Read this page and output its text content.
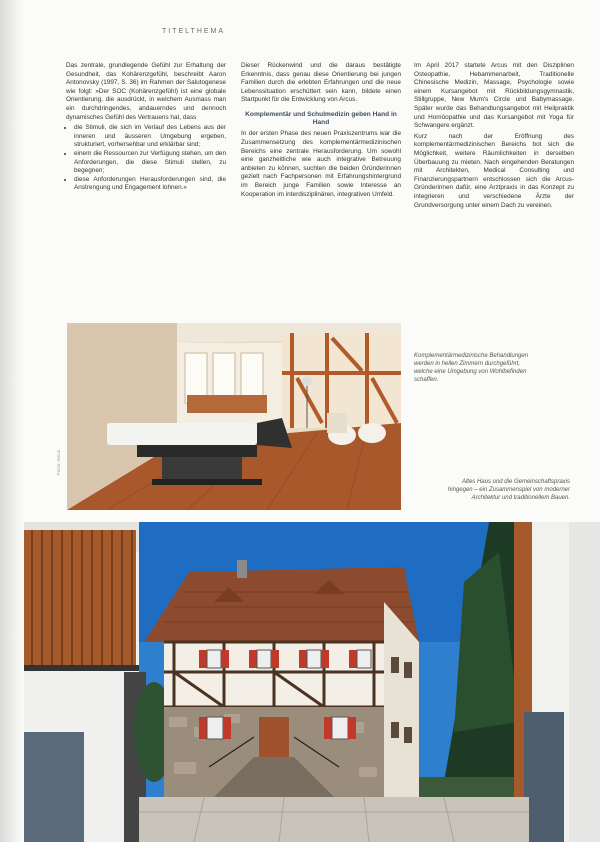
TITELTHEMA

Das zentrale, grundlegende Gefühl zur Erhaltung der Gesundheit, das Kohärenzgefühl, beschreibt Aaron Antonovsky (1997, S. 36) im Rahmen der Salutogenese wie folgt: »Der SOC (Kohärenzgefühl) ist eine globale Orientierung, die ausdrückt, in welchem Ausmass man ein durchdringendes, andauerndes und dennoch dynamisches Gefühl des Vertrauens hat, dass

• die Stimuli, die sich im Verlauf des Lebens aus der inneren und äusseren Umgebung ergeben, strukturiert, vorhersehbar und erklärbar sind;
• einem die Ressourcen zur Verfügung stehen, um den Anforderungen, die diese Stimuli stellen, zu begegnen;
• diese Anforderungen Herausforderungen sind, die Anstrengung und Engagement lohnen.«

Dieser Rückenwind und die daraus bestätigte Erkenntnis, dass genau diese Orientierung bei jungen Familien durch die erlebten Erfahrungen und die neue Lebenssituation erschüttert sein kann, bildete einen Startpunkt für die Entwicklung von Arcus.

Komplementär und Schulmedizin geben Hand in Hand

In der ersten Phase des neuen Praxiszentrums war die Zusammensetzung des komplementärmedizinischen Bereichs eine zentrale Herausforderung. Um sowohl eine ganzheitliche wie auch integrative Betreuung anbieten zu können, suchten die beiden Gründerinnen gezielt nach Fachpersonen mit Erfahrungshintergrund im Bereich junge Familien sowie Interesse an Kooperation im interdisziplinären, integrativen Umfeld.

Im April 2017 startete Arcus mit den Disziplinen Osteopathie, Hebammenarbeit, Traditionelle Chinesische Medizin, Massage, Psychologie sowie einem Kursangebot mit Rückbildungsgymnastik, Stillgruppe, New Mum's Circle und Babymassage. Später wurde das Behandlungsangebot mit Heilpraktik und Homöopathie und das Kursangebot mit Yoga für Schwangere ergänzt.

Kurz nach der Eröffnung des komplementärmedizinischen Bereichs bot sich die Möglichkeit, weitere Räumlichkeiten in derselben Überbauung zu mieten. Nach eingehenden Beratungen mit Architekten, Medical Consulting und Finanzierungspartnern entschlossen sich die Arcus-Gründerinnen dafür, eine Arztpraxis in das Konzept zu integrieren und verschiedene Ärzte der Grundversorgung unter einem Dach zu vereinen.

Fotos: Arcus
Komplementärmedizinische Behandlungen werden in hellen Zimmern durchgeführt, welche eine Umgebung von Wohlbefinden schaffen.
Altes Haus und die Gemeinschaftspraxis hingegen – ein Zusammenspiel von moderner Architektur und traditionellem Bauen.
